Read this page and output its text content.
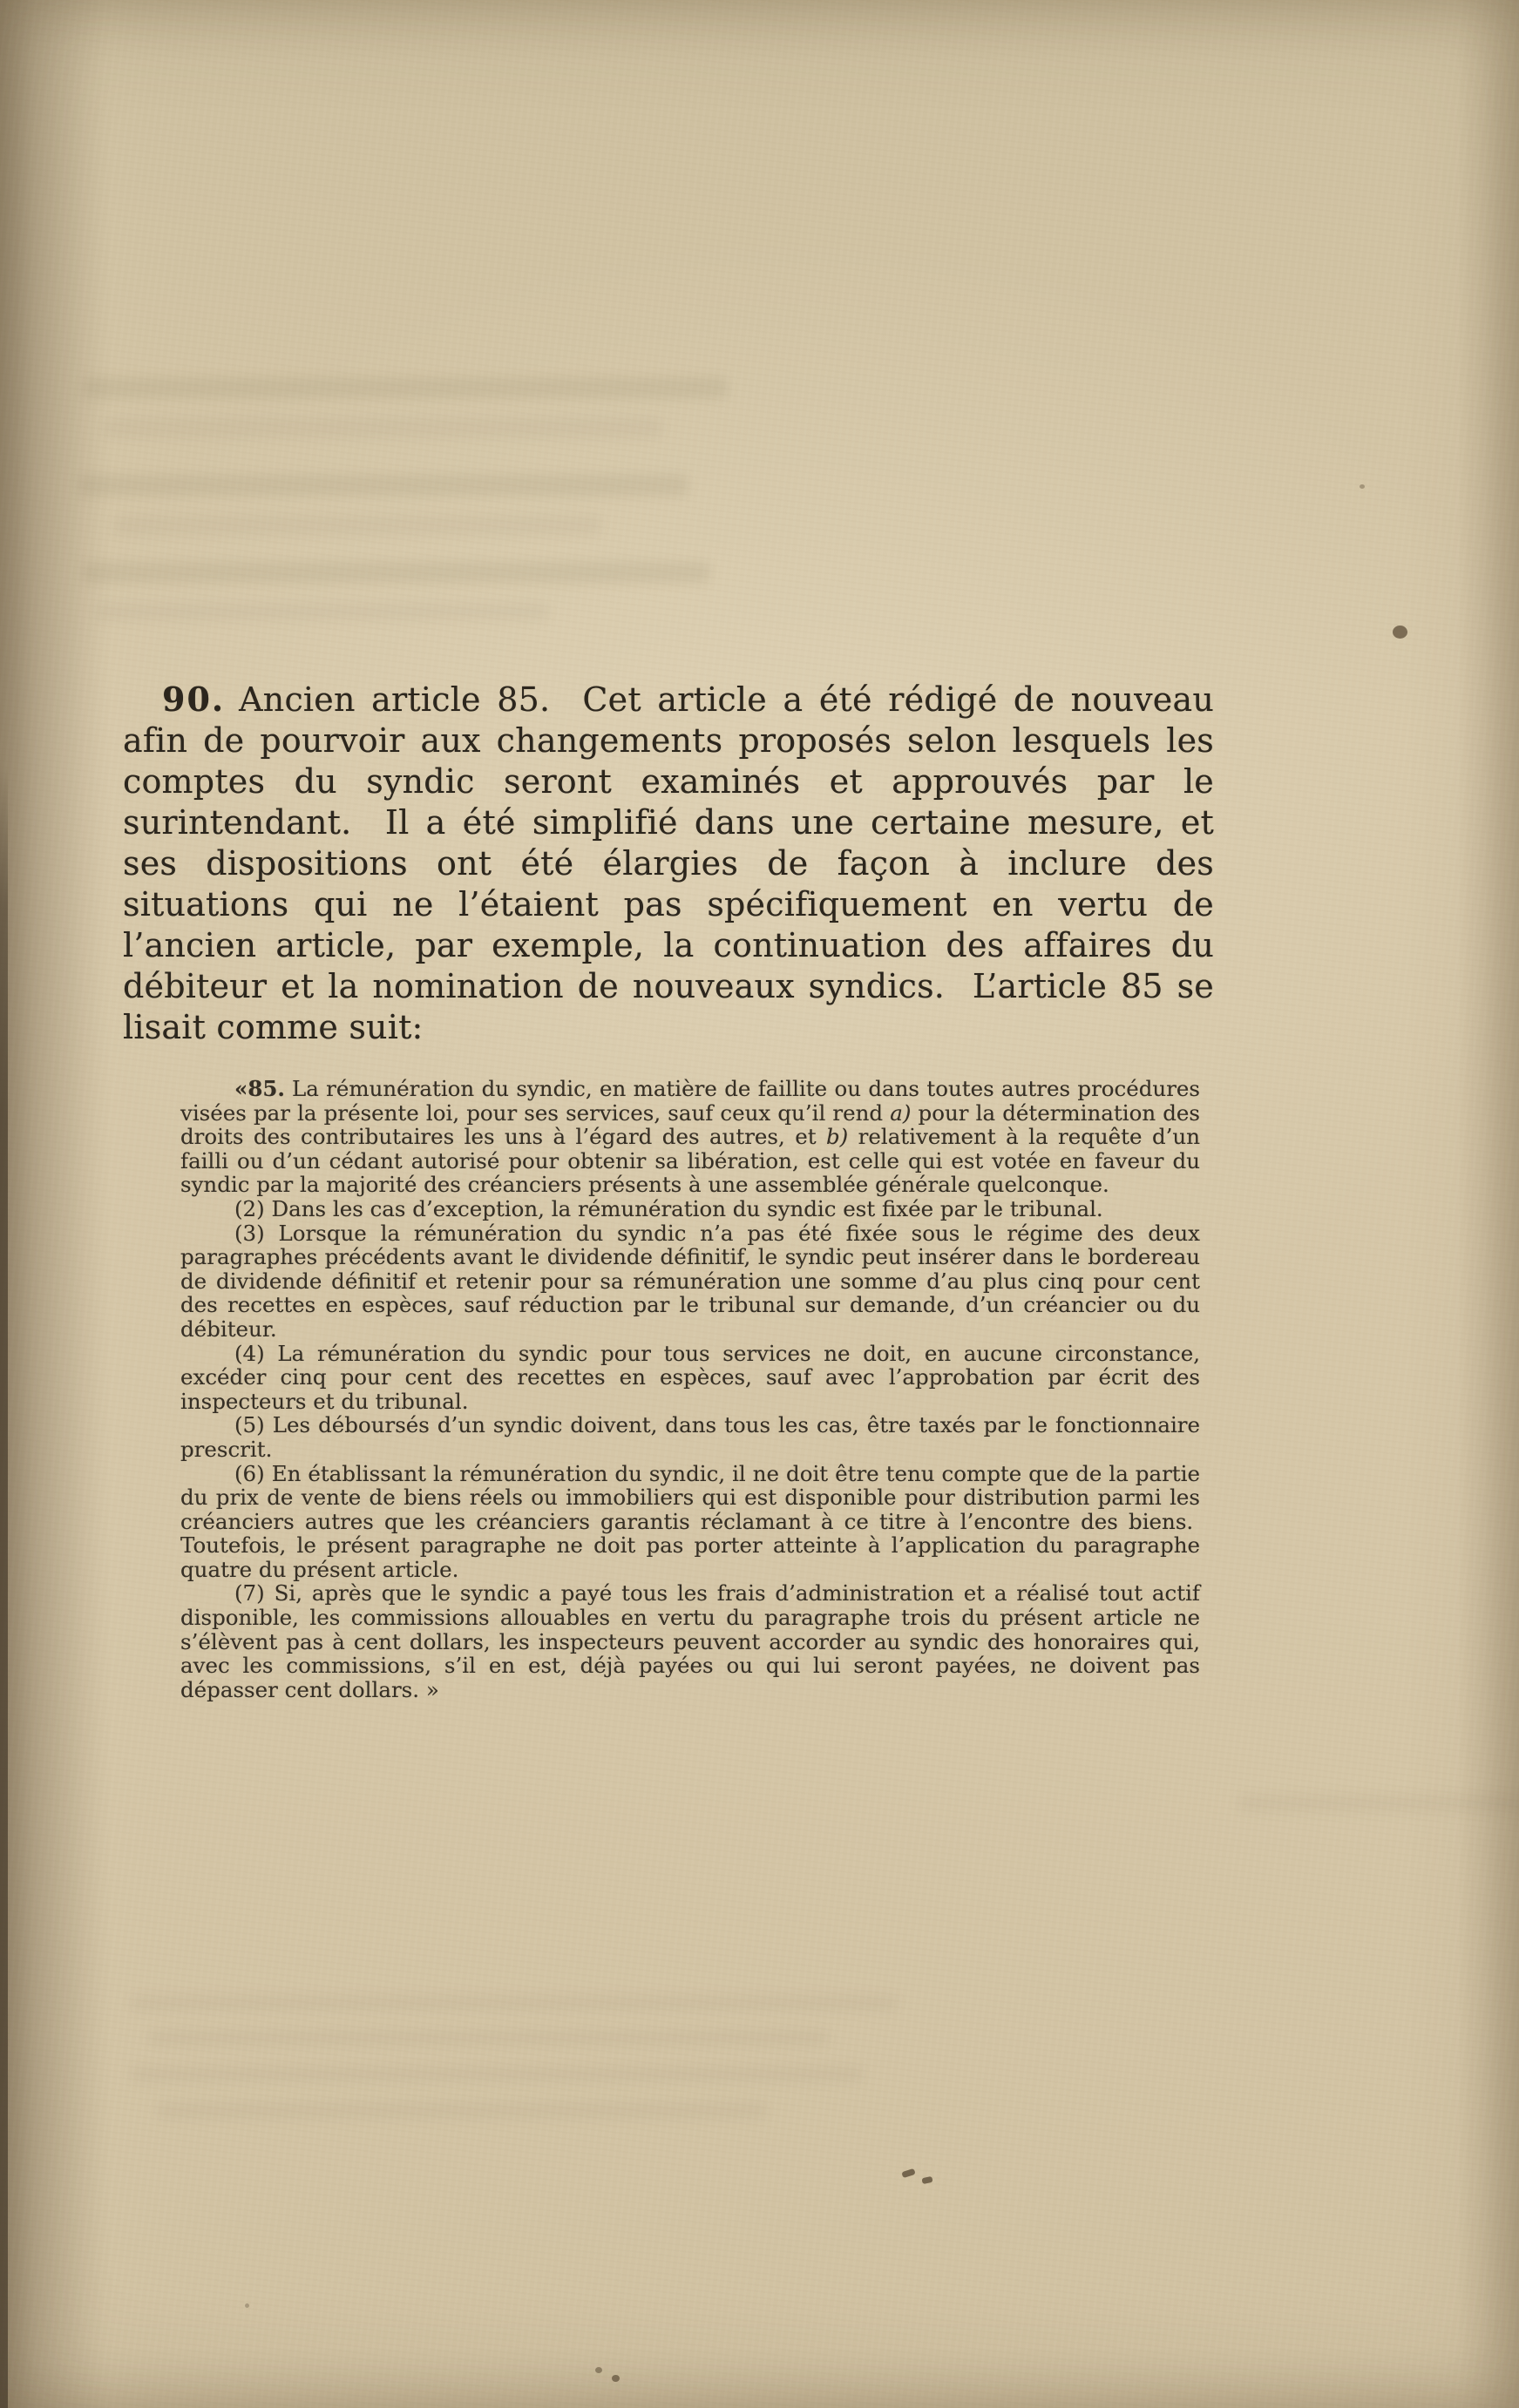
90. Ancien article 85.  Cet article a été rédigé de nouveau afin de pourvoir aux changements proposés selon lesquels les comptes du syndic seront examinés et approuvés par le surintendant.  Il a été simplifié dans une certaine mesure, et ses dispositions ont été élargies de façon à inclure des situations qui ne l’étaient pas spécifiquement en vertu de l’ancien article, par exemple, la continuation des affaires du débiteur et la nomination de nouveaux syndics.  L’article 85 se lisait comme suit:

«85. La rémunération du syndic, en matière de faillite ou dans toutes autres procédures visées par la présente loi, pour ses services, sauf ceux qu’il rend a) pour la détermination des droits des contributaires les uns à l’égard des autres, et b) relativement à la requête d’un failli ou d’un cédant autorisé pour obtenir sa libération, est celle qui est votée en faveur du syndic par la majorité des créanciers présents à une assemblée générale quelconque.

(2) Dans les cas d’exception, la rémunération du syndic est fixée par le tribunal.

(3) Lorsque la rémunération du syndic n’a pas été fixée sous le régime des deux paragraphes précédents avant le dividende définitif, le syndic peut insérer dans le bordereau de dividende définitif et retenir pour sa rémunération une somme d’au plus cinq pour cent des recettes en espèces, sauf réduction par le tribunal sur demande, d’un créancier ou du débiteur.

(4) La rémunération du syndic pour tous services ne doit, en aucune circonstance, excéder cinq pour cent des recettes en espèces, sauf avec l’approbation par écrit des inspecteurs et du tribunal.

(5) Les déboursés d’un syndic doivent, dans tous les cas, être taxés par le fonctionnaire prescrit.

(6) En établissant la rémunération du syndic, il ne doit être tenu compte que de la partie du prix de vente de biens réels ou immobiliers qui est disponible pour distribution parmi les créanciers autres que les créanciers garantis réclamant à ce titre à l’encontre des biens.  Toutefois, le présent paragraphe ne doit pas porter atteinte à l’application du paragraphe quatre du présent article.

(7) Si, après que le syndic a payé tous les frais d’administration et a réalisé tout actif disponible, les commissions allouables en vertu du paragraphe trois du présent article ne s’élèvent pas à cent dollars, les inspecteurs peuvent accorder au syndic des honoraires qui, avec les commissions, s’il en est, déjà payées ou qui lui seront payées, ne doivent pas dépasser cent dollars. »
